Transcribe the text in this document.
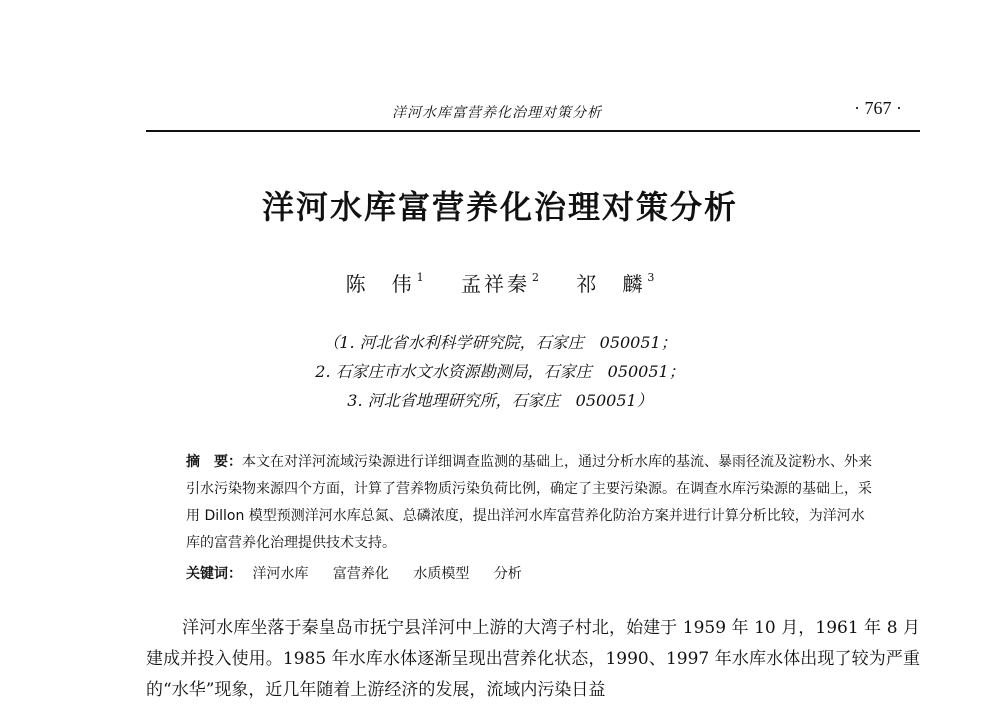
洋河水库富营养化治理对策分析	· 767 ·
洋河水库富营养化治理对策分析
陈　伟 $^1$ 孟祥秦 $^2$ 祁　麟 $^3$
（1. 河北省水利科学研究院，石家庄　050051；
2. 石家庄市水文水资源勘测局，石家庄　050051；
3. 河北省地理研究所，石家庄　050051）
摘　要：本文在对洋河流域污染源进行详细调查监测的基础上，通过分析水库的基流、暴雨径流及淀粉水、外来引水污染物来源四个方面，计算了营养物质污染负荷比例，确定了主要污染源。在调查水库污染源的基础上，采用 Dillon 模型预测洋河水库总氮、总磷浓度，提出洋河水库富营养化防治方案并进行计算分析比较，为洋河水库的富营养化治理提供技术支持。
关键词： 洋河水库 富营养化 水质模型 分析
洋河水库坐落于秦皇岛市抚宁县洋河中上游的大湾子村北，始建于 1959 年 10 月，1961 年 8 月建成并投入使用。1985 年水库水体逐渐呈现出营养化状态，1990、1997 年水库水体出现了较为严重的“水华”现象，近几年随着上游经济的发展，流域内污染日益
